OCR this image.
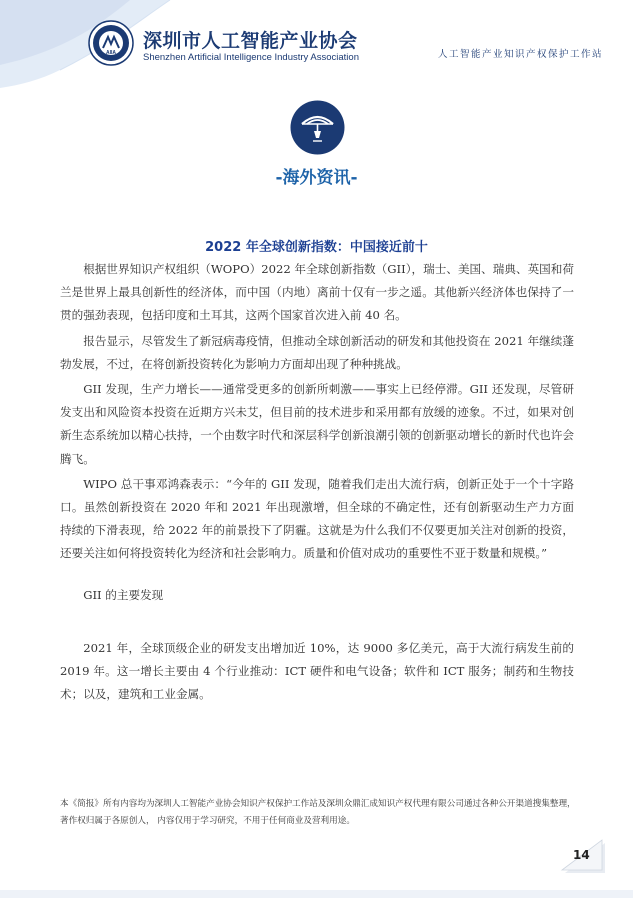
AIIA
深圳市人工智能产业协会
Shenzhen Artificial Intelligence Industry Association	人工智能产业知识产权保护工作站
-海外资讯-
2022 年全球创新指数：中国接近前十

根据世界知识产权组织（WOPO）2022 年全球创新指数（GII），瑞士、美国、瑞典、英国和荷兰是世界上最具创新性的经济体，而中国（内地）离前十仅有一步之遥。其他新兴经济体也保持了一贯的强劲表现，包括印度和土耳其，这两个国家首次进入前 40 名。

报告显示，尽管发生了新冠病毒疫情，但推动全球创新活动的研发和其他投资在 2021 年继续蓬勃发展，不过，在将创新投资转化为影响力方面却出现了种种挑战。

GII 发现，生产力增长——通常受更多的创新所刺激——事实上已经停滞。GII 还发现，尽管研发支出和风险资本投资在近期方兴未艾，但目前的技术进步和采用都有放缓的迹象。不过，如果对创新生态系统加以精心扶持，一个由数字时代和深层科学创新浪潮引领的创新驱动增长的新时代也许会腾飞。

WIPO 总干事邓鸿森表示：“今年的 GII 发现，随着我们走出大流行病，创新正处于一个十字路口。虽然创新投资在 2020 年和 2021 年出现激增，但全球的不确定性，还有创新驱动生产力方面持续的下滑表现，给 2022 年的前景投下了阴霾。这就是为什么我们不仅要更加关注对创新的投资，还要关注如何将投资转化为经济和社会影响力。质量和价值对成功的重要性不亚于数量和规模。”

GII 的主要发现

2021 年，全球顶级企业的研发支出增加近 10%，达 9000 多亿美元，高于大流行病发生前的 2019 年。这一增长主要由 4 个行业推动：ICT 硬件和电气设备；软件和 ICT 服务；制药和生物技术；以及，建筑和工业金属。

本《简报》所有内容均为深圳人工智能产业协会知识产权保护工作站及深圳众鼎汇成知识产权代理有限公司通过各种公开渠道搜集整理，著作权归属于各原创人， 内容仅用于学习研究，不用于任何商业及营利用途。
14
